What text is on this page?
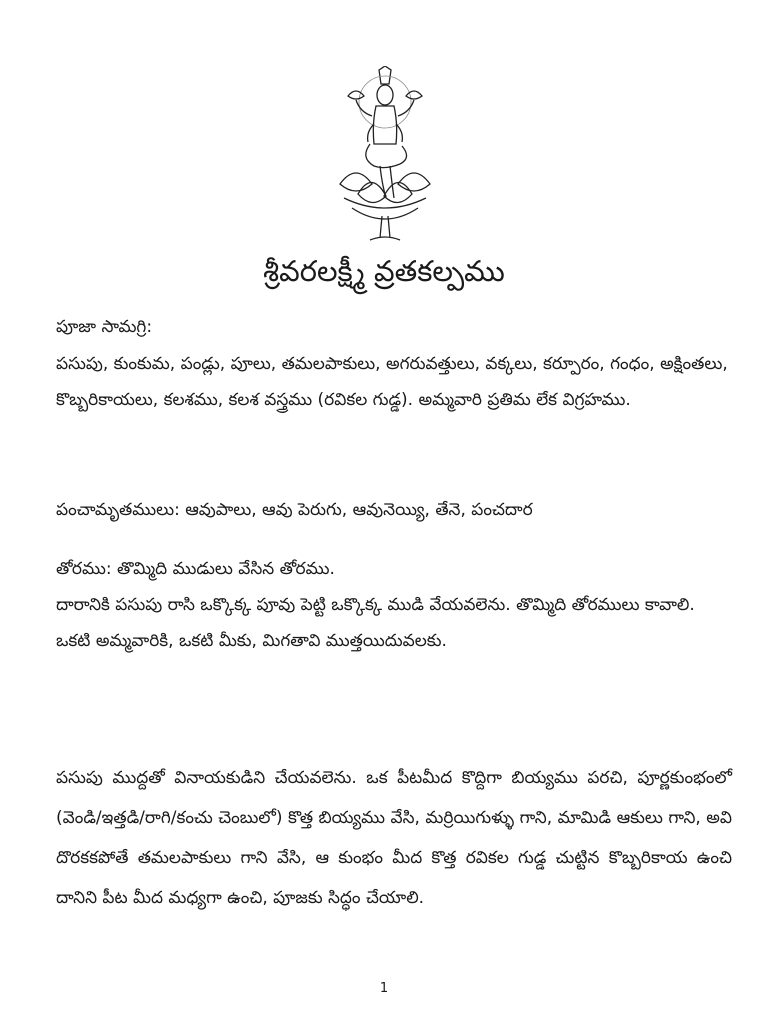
శ్రీవరలక్ష్మీ వ్రతకల్పము

పూజా సామగ్రి:

పసుపు, కుంకుమ, పండ్లు, పూలు, తమలపాకులు, అగరువత్తులు, వక్కలు, కర్పూరం, గంధం, అక్షింతలు, కొబ్బరికాయలు, కలశము, కలశ వస్త్రము (రవికల గుడ్డ). అమ్మవారి ప్రతిమ లేక విగ్రహము.

పంచామృతములు: ఆవుపాలు, ఆవు పెరుగు, ఆవునెయ్యి, తేనె, పంచదార

తోరము: తొమ్మిది ముడులు వేసిన తోరము.
దారానికి పసుపు రాసి ఒక్కొక్క పూవు పెట్టి ఒక్కొక్క ముడి వేయవలెను. తొమ్మిది తోరములు కావాలి.
ఒకటి అమ్మవారికి, ఒకటి మీకు, మిగతావి ముత్తయిదువలకు.

పసుపు ముద్దతో వినాయకుడిని చేయవలెను. ఒక పీటమీద కొద్దిగా బియ్యము పరచి, పూర్ణకుంభంలో (వెండి/ఇత్తడి/రాగి/కంచు చెంబులో) కొత్త బియ్యము వేసి, మర్రియిగుళ్ళు గాని, మామిడి ఆకులు గాని, అవి దొరకకపోతే తమలపాకులు గాని వేసి, ఆ కుంభం మీద కొత్త రవికల గుడ్డ చుట్టిన కొబ్బరికాయ ఉంచి దానిని పీట మీద మధ్యగా ఉంచి, పూజకు సిద్ధం చేయాలి.

1
